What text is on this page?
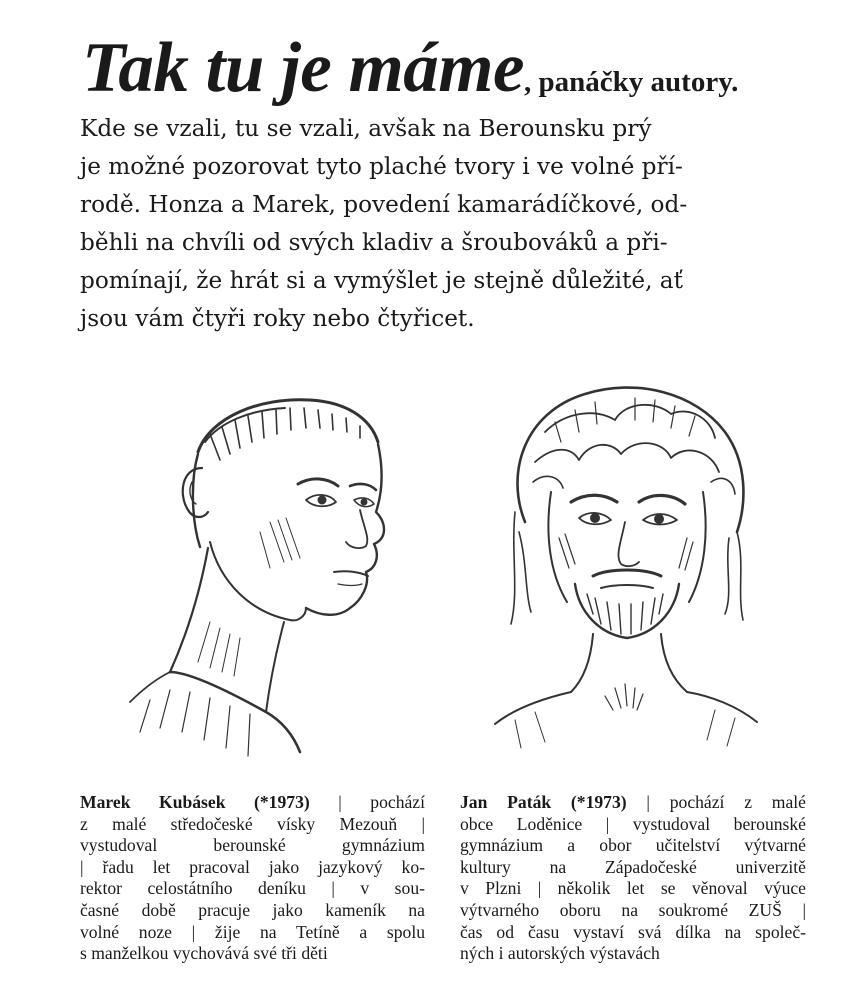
Tak tu je máme, panáčky autory.

Kde se vzali, tu se vzali, avšak na Berounsku prý
je možné pozorovat tyto plaché tvory i ve volné pří-
rodě. Honza a Marek, povedení kamarádíčkové, od-
běhli na chvíli od svých kladiv a šroubováků a při-
pomínají, že hrát si a vymýšlet je stejně důležité, ať
jsou vám čtyři roky nebo čtyřicet.

Marek Kubásek (*1973) | pochází
z malé středočeské vísky Mezouň |
vystudoval berounské gymnázium
| řadu let pracoval jako jazykový ko-
rektor celostátního deníku | v sou-
časné době pracuje jako kameník na
volné noze | žije na Tetíně a spolu
s manželkou vychovává své tři děti

Jan Paták (*1973) | pochází z malé
obce Loděnice | vystudoval berounské
gymnázium a obor učitelství výtvarné
kultury na Západočeské univerzitě
v Plzni | několik let se věnoval výuce
výtvarného oboru na soukromé ZUŠ |
čas od času vystaví svá dílka na společ-
ných i autorských výstavách
